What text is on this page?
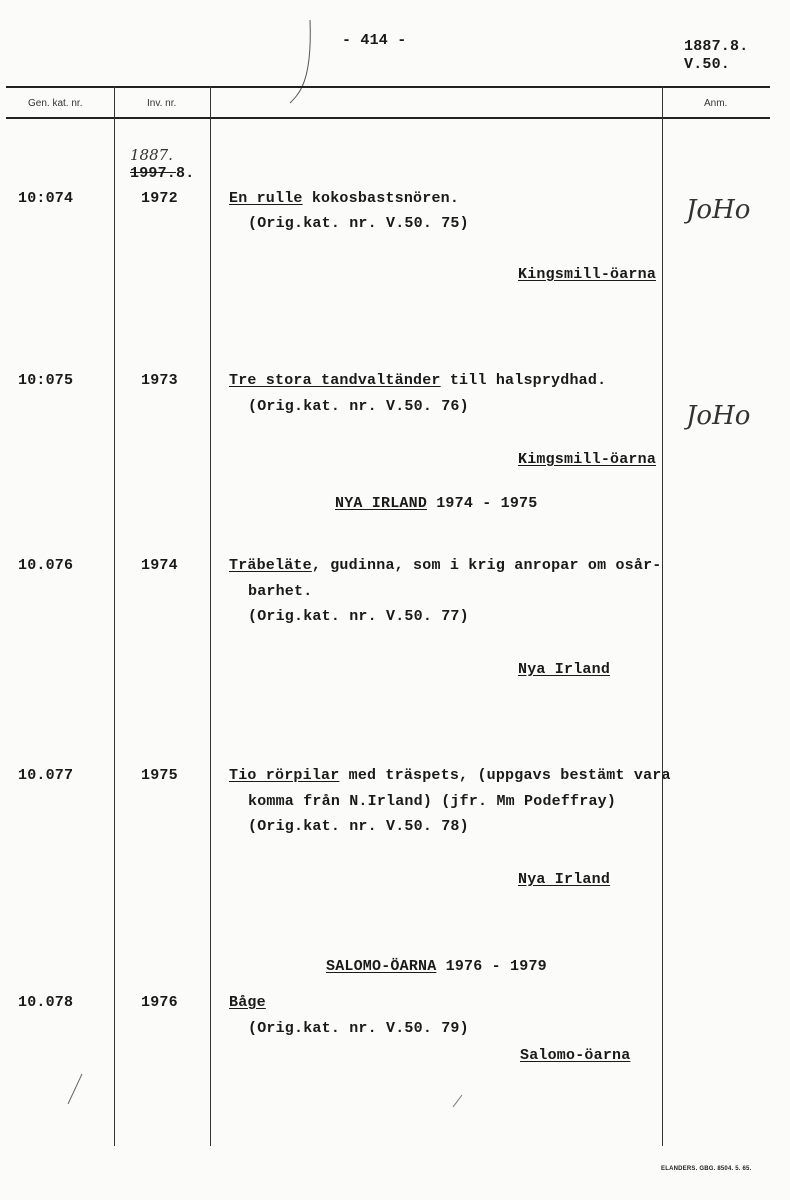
- 414 -	1887.8.
V.50.
Gen. kat. nr.	Inv. nr.	Anm.
1887.
1997.8.
10:074	1972	En rulle kokosbastsnören.
(Orig.kat. nr. V.50. 75)
Kingsmill-öarna
JoHo
10:075	1973	Tre stora tandvaltänder till halsprydhad.
(Orig.kat. nr. V.50. 76)
Kimgsmill-öarna
JoHo
NYA IRLAND 1974 - 1975
10.076	1974	Träbeläte, gudinna, som i krig anropar om osår-
barhet.
(Orig.kat. nr. V.50. 77)
Nya Irland
10.077	1975	Tio rörpilar med träspets, (uppgavs bestämt vara
komma från N.Irland) (jfr. Mm Podeffray)
(Orig.kat. nr. V.50. 78)
Nya Irland
SALOMO-ÖARNA 1976 - 1979
10.078	1976	Båge
(Orig.kat. nr. V.50. 79)
Salomo-öarna
ELANDERS. GBG. 8504. 5. 65.
